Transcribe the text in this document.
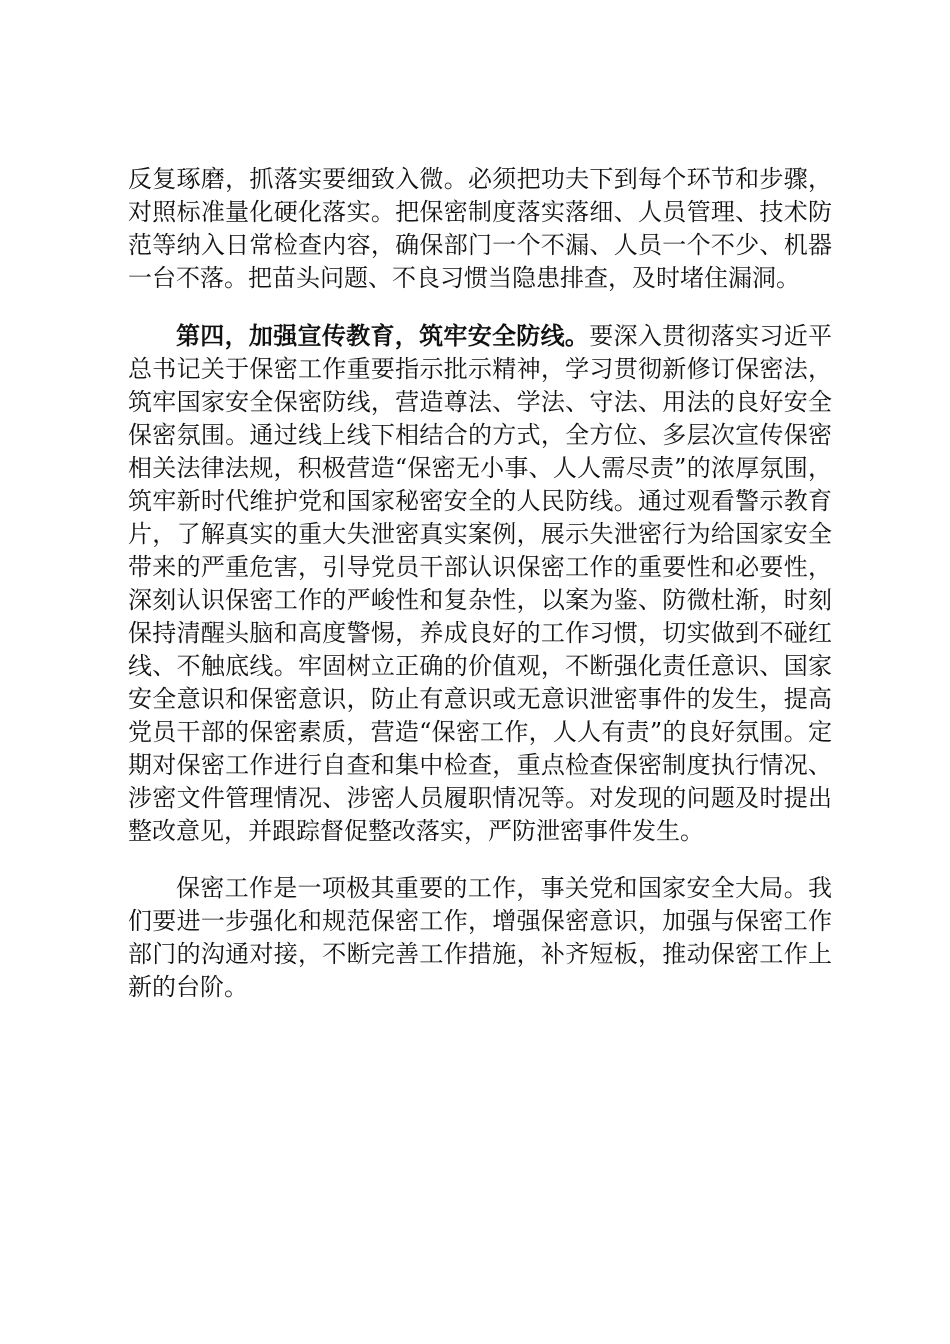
反复琢磨，抓落实要细致入微。必须把功夫下到每个环节和步骤，对照标准量化硬化落实。把保密制度落实落细、人员管理、技术防范等纳入日常检查内容，确保部门一个不漏、人员一个不少、机器一台不落。把苗头问题、不良习惯当隐患排查，及时堵住漏洞。

第四，加强宣传教育，筑牢安全防线。要深入贯彻落实习近平总书记关于保密工作重要指示批示精神，学习贯彻新修订保密法，筑牢国家安全保密防线，营造尊法、学法、守法、用法的良好安全保密氛围。通过线上线下相结合的方式，全方位、多层次宣传保密相关法律法规，积极营造“保密无小事、人人需尽责”的浓厚氛围，筑牢新时代维护党和国家秘密安全的人民防线。通过观看警示教育片，了解真实的重大失泄密真实案例，展示失泄密行为给国家安全带来的严重危害，引导党员干部认识保密工作的重要性和必要性，深刻认识保密工作的严峻性和复杂性，以案为鉴、防微杜渐，时刻保持清醒头脑和高度警惕，养成良好的工作习惯，切实做到不碰红线、不触底线。牢固树立正确的价值观，不断强化责任意识、国家安全意识和保密意识，防止有意识或无意识泄密事件的发生，提高党员干部的保密素质，营造“保密工作，人人有责”的良好氛围。定期对保密工作进行自查和集中检查，重点检查保密制度执行情况、涉密文件管理情况、涉密人员履职情况等。对发现的问题及时提出整改意见，并跟踪督促整改落实，严防泄密事件发生。

保密工作是一项极其重要的工作，事关党和国家安全大局。我们要进一步强化和规范保密工作，增强保密意识，加强与保密工作部门的沟通对接，不断完善工作措施，补齐短板，推动保密工作上新的台阶。
